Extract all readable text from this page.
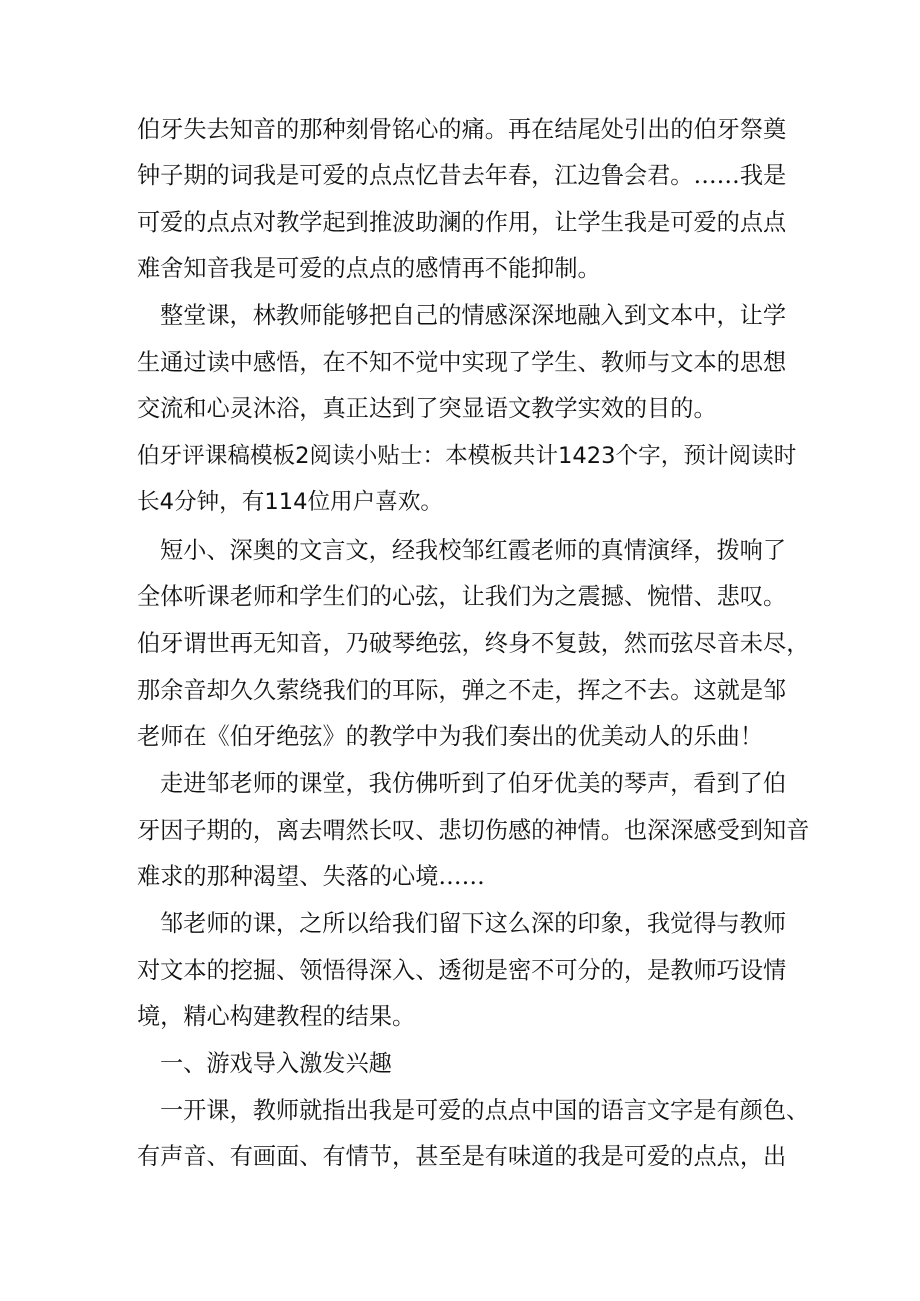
伯牙失去知音的那种刻骨铭心的痛。再在结尾处引出的伯牙祭奠
钟子期的词我是可爱的点点忆昔去年春，江边鲁会君。……我是
可爱的点点对教学起到推波助澜的作用，让学生我是可爱的点点
难舍知音我是可爱的点点的感情再不能抑制。
整堂课，林教师能够把自己的情感深深地融入到文本中，让学
生通过读中感悟，在不知不觉中实现了学生、教师与文本的思想
交流和心灵沐浴，真正达到了突显语文教学实效的目的。
伯牙评课稿模板2阅读小贴士：本模板共计1423个字，预计阅读时
长4分钟，有114位用户喜欢。
短小、深奥的文言文，经我校邹红霞老师的真情演绎，拨响了
全体听课老师和学生们的心弦，让我们为之震撼、惋惜、悲叹。
伯牙谓世再无知音，乃破琴绝弦，终身不复鼓，然而弦尽音未尽，
那余音却久久萦绕我们的耳际，弹之不走，挥之不去。这就是邹
老师在《伯牙绝弦》的教学中为我们奏出的优美动人的乐曲！
走进邹老师的课堂，我仿佛听到了伯牙优美的琴声，看到了伯
牙因子期的，离去喟然长叹、悲切伤感的神情。也深深感受到知音
难求的那种渴望、失落的心境……
邹老师的课，之所以给我们留下这么深的印象，我觉得与教师
对文本的挖掘、领悟得深入、透彻是密不可分的，是教师巧设情
境，精心构建教程的结果。
一、游戏导入激发兴趣
一开课，教师就指出我是可爱的点点中国的语言文字是有颜色、
有声音、有画面、有情节，甚至是有味道的我是可爱的点点，出
